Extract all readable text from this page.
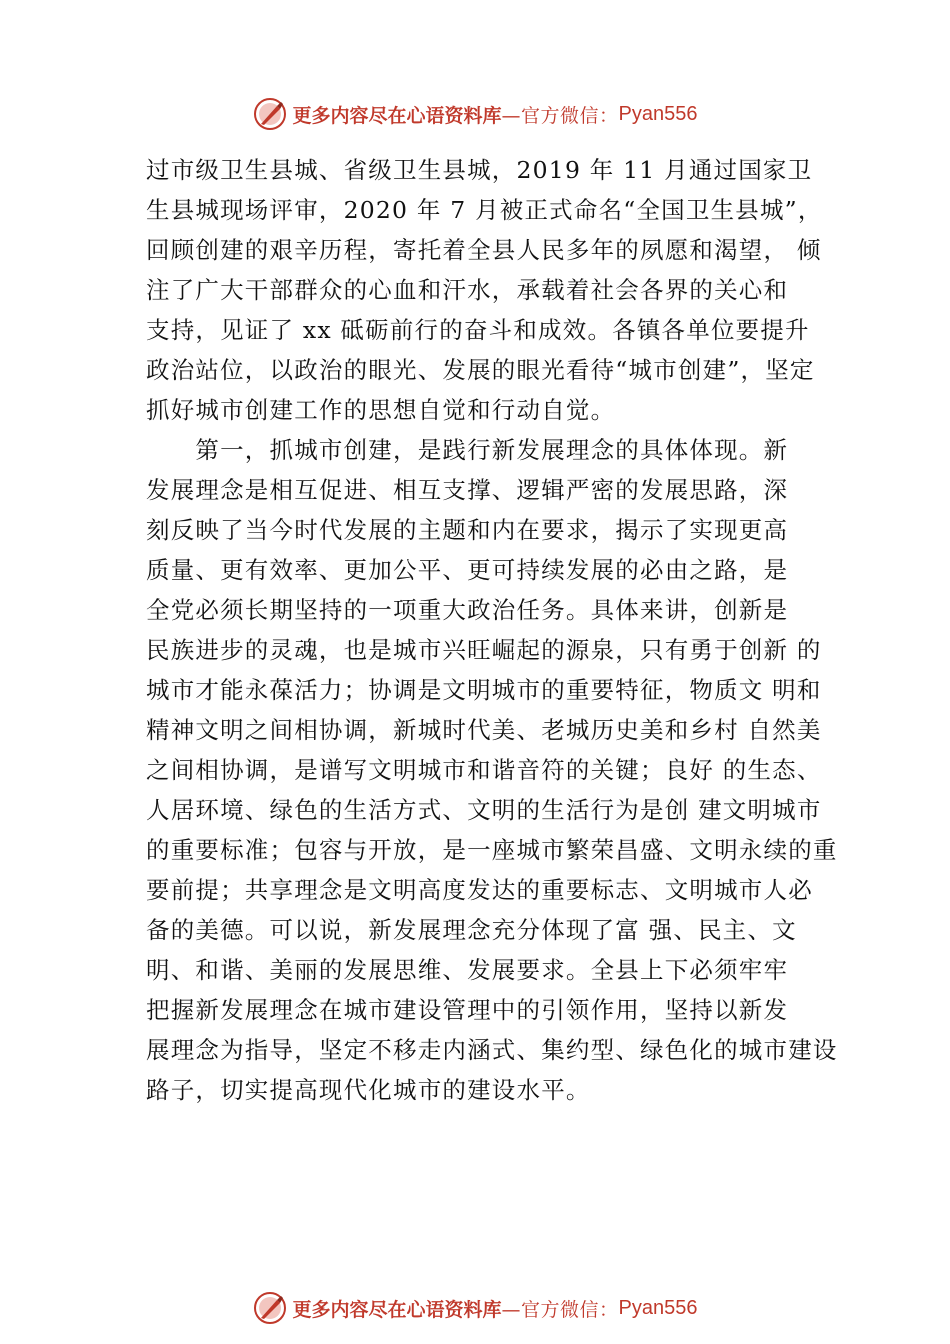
更多内容尽在心语资料库 —官方微信： Pyan556
过市级卫生县城、省级卫生县城，2019 年 11 月通过国家卫
生县城现场评审，2020 年 7 月被正式命名“全国卫生县城”，
回顾创建的艰辛历程，寄托着全县人民多年的夙愿和渴望， 倾
注了广大干部群众的心血和汗水，承载着社会各界的关心和
支持，见证了 xx 砥砺前行的奋斗和成效。各镇各单位要提升
政治站位，以政治的眼光、发展的眼光看待“城市创建”，坚定
抓好城市创建工作的思想自觉和行动自觉。
　　第一，抓城市创建，是践行新发展理念的具体体现。新
发展理念是相互促进、相互支撑、逻辑严密的发展思路，深
刻反映了当今时代发展的主题和内在要求，揭示了实现更高
质量、更有效率、更加公平、更可持续发展的必由之路，是
全党必须长期坚持的一项重大政治任务。具体来讲，创新是
民族进步的灵魂，也是城市兴旺崛起的源泉，只有勇于创新 的
城市才能永葆活力；协调是文明城市的重要特征，物质文 明和
精神文明之间相协调，新城时代美、老城历史美和乡村 自然美
之间相协调，是谱写文明城市和谐音符的关键；良好 的生态、
人居环境、绿色的生活方式、文明的生活行为是创 建文明城市
的重要标准；包容与开放，是一座城市繁荣昌盛、文明永续的重
要前提；共享理念是文明高度发达的重要标志、文明城市人必
备的美德。可以说，新发展理念充分体现了富 强、民主、文
明、和谐、美丽的发展思维、发展要求。全县上下必须牢牢
把握新发展理念在城市建设管理中的引领作用，坚持以新发
展理念为指导，坚定不移走内涵式、集约型、绿色化的城市建设
路子，切实提高现代化城市的建设水平。
更多内容尽在心语资料库 —官方微信： Pyan556
